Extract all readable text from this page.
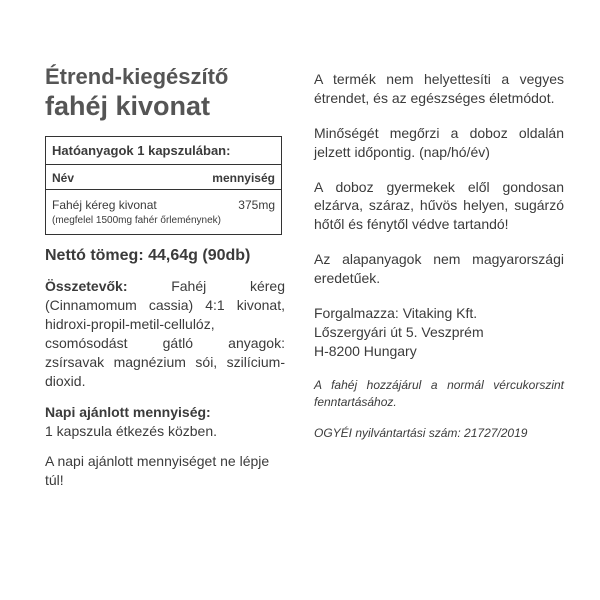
Étrend-kiegészítő
fahéj kivonat
Hatóanyagok 1 kapszulában:
Név	mennyiség
Fahéj kéreg kivonat	375mg
(megfelel 1500mg fahér őrleménynek)
Nettó tömeg: 44,64g (90db)
Összetevők: Fahéj kéreg (Cinnamomum cassia) 4:1 kivonat, hidroxi-propil-metil-cellulóz, csomósodást gátló anyagok: zsírsavak magnézium sói, szilícium-dioxid.
Napi ajánlott mennyiség:
1 kapszula étkezés közben.
A napi ajánlott mennyiséget ne lépje túl!
A termék nem helyettesíti a vegyes étrendet, és az egészséges életmódot.
Minőségét megőrzi a doboz oldalán jelzett időpontig. (nap/hó/év)
A doboz gyermekek elől gondosan elzárva, száraz, hűvös helyen, sugárzó hőtől és fénytől védve tartandó!
Az alapanyagok nem magyarországi eredetűek.
Forgalmazza: Vitaking Kft.
Lőszergyári út 5. Veszprém
H-8200 Hungary
A fahéj hozzájárul a normál vércukorszint fenntartásához.
OGYÉI nyilvántartási szám: 21727/2019
